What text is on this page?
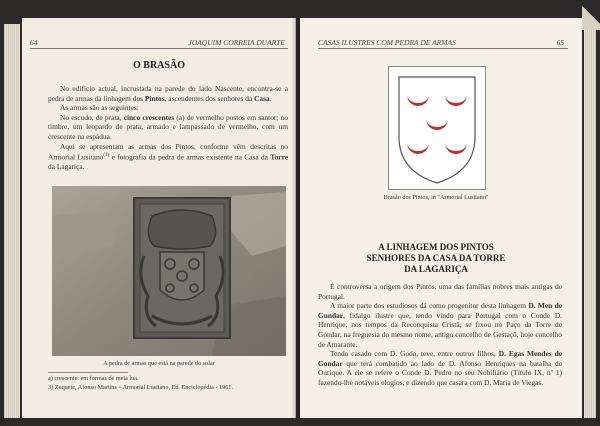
64	JOAQUIM CORREIA DUARTE
O BRASÃO

No edifício actual, incrustada na parede do lado Nascente, encontra-se a pedra de armas da linhagem dos Pintos, ascendentes dos senhores da Casa.

As armas são as seguintes:

No escudo, de prata, cinco crescentes (a) de vermelho postos em santor; no timbre, um leopardo de prata, armado e lampassado de vermelho, com um crescente na espádua.

Aqui se apresentam as armas dos Pintos, conforme vêm descritas no Armorial Lusitano$^{(1)}$ e fotografia da pedra de armas existente na Casa da Torre da Lagariça.

A pedra de armas que está na parede do solar
a) crescente: em formas de meia lua.
3) Zuquete, Afonso Martins – Armorial Lusitano, Ed. Enciclopédia - 1961.
CASAS ILUSTRES COM PEDRA DE ARMAS	65
Brasão dos Pintos, in "Armorial Lusitano"
A LINHAGEM DOS PINTOS
SENHORES DA CASA DA TORRE
DA LAGARIÇA

É controversa a origem dos Pintos, uma das famílias nobres mais antigas de Portugal.

A maior parte dos estudiosos dá como progenitor desta linhagem D. Men de Gundar, fidalgo ilustre que, tendo vindo para Portugal com o Conde D. Henrique, nos tempos da Reconquista Cristã, se fixou no Paço da Torre de Gondar, na freguesia do mesmo nome, antigo concelho de Gestaçô, hoje concelho de Amarante.

Tendo casado com D. Goda, teve, entre outros filhos, D. Egas Mendes de Gondar que terá combatido ao lado de D. Afonso Henriques na batalha de Ourique. A ele se refere o Conde D. Pedro no seu Nobiliário (Título IX, nº 1) fazendo-lhe notáveis elogios, e dizendo que casara com D. Maria de Viegas.
